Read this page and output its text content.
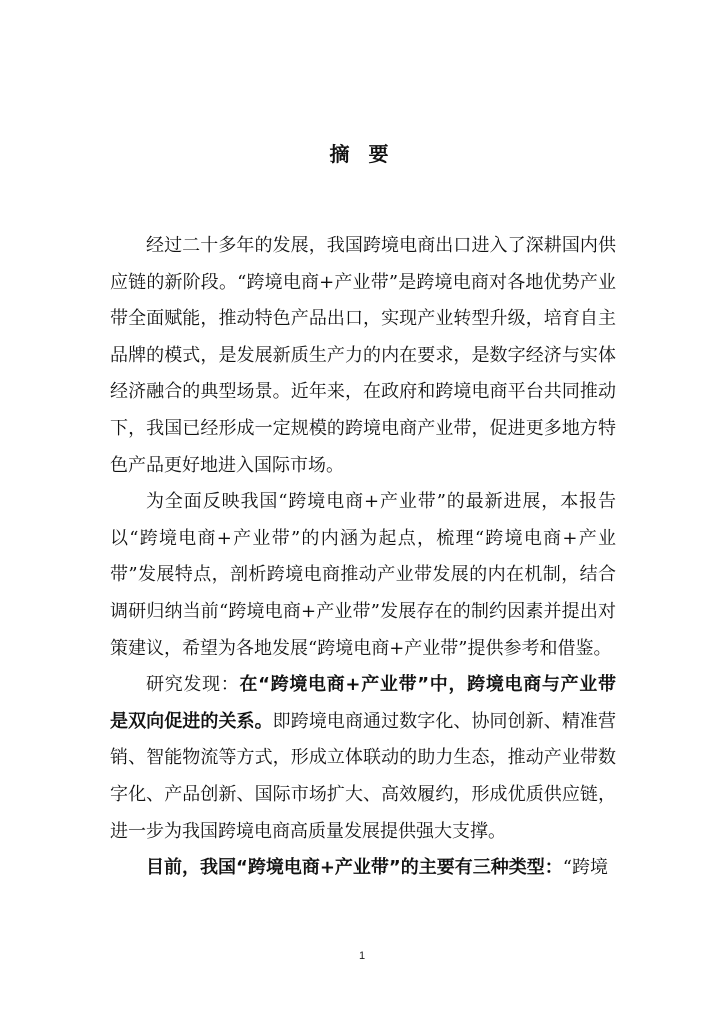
摘 要

经过二十多年的发展，我国跨境电商出口进入了深耕国内供应链的新阶段。“跨境电商+产业带”是跨境电商对各地优势产业带全面赋能，推动特色产品出口，实现产业转型升级，培育自主品牌的模式，是发展新质生产力的内在要求，是数字经济与实体经济融合的典型场景。近年来，在政府和跨境电商平台共同推动下，我国已经形成一定规模的跨境电商产业带，促进更多地方特色产品更好地进入国际市场。

为全面反映我国“跨境电商+产业带”的最新进展，本报告以“跨境电商+产业带”的内涵为起点，梳理“跨境电商+产业带”发展特点，剖析跨境电商推动产业带发展的内在机制，结合调研归纳当前“跨境电商+产业带”发展存在的制约因素并提出对策建议，希望为各地发展“跨境电商+产业带”提供参考和借鉴。

研究发现：在“跨境电商+产业带”中，跨境电商与产业带是双向促进的关系。即跨境电商通过数字化、协同创新、精准营销、智能物流等方式，形成立体联动的助力生态，推动产业带数字化、产品创新、国际市场扩大、高效履约，形成优质供应链，进一步为我国跨境电商高质量发展提供强大支撑。

目前，我国“跨境电商+产业带”的主要有三种类型：“跨境

1
